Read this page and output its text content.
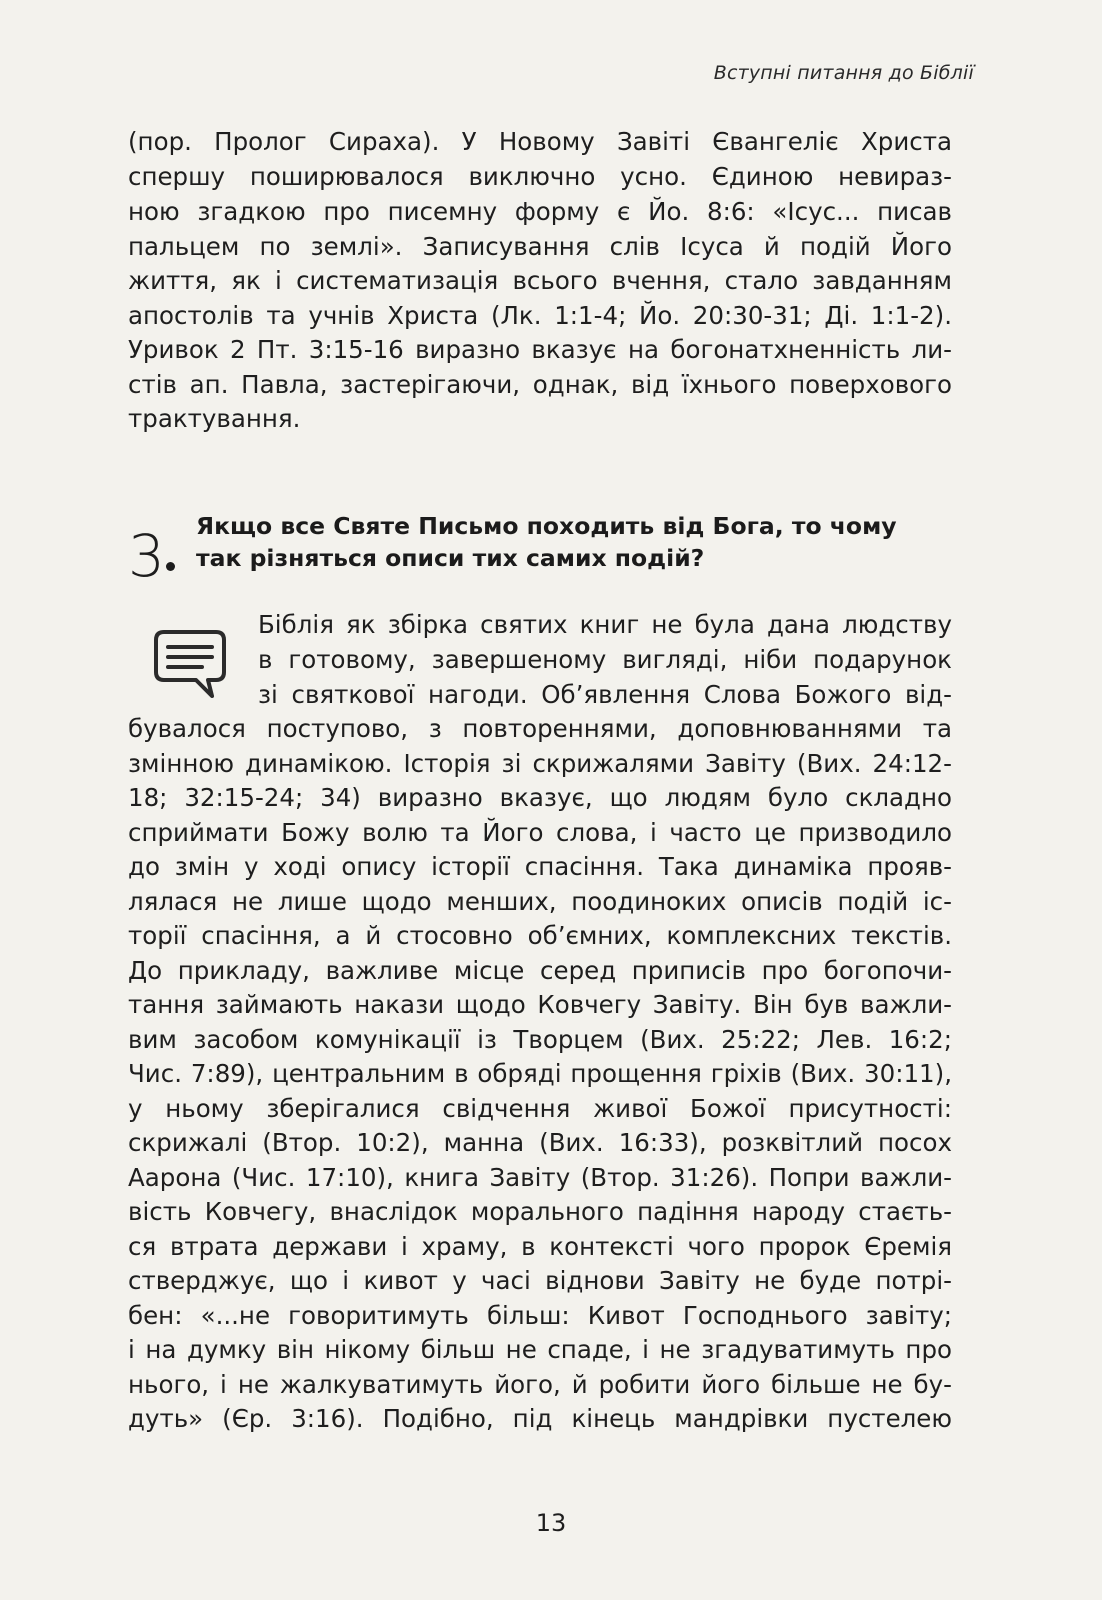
Вступні питання до Біблії
(пор. Пролог Сираха). У Новому Завіті Євангеліє Христа
спершу поширювалося виключно усно. Єдиною невираз-
ною згадкою про писемну форму є Йо. 8:6: «Ісус... писав
пальцем по землі». Записування слів Ісуса й подій Його
життя, як і систематизація всього вчення, стало завданням
апостолів та учнів Христа (Лк. 1:1-4; Йо. 20:30-31; Ді. 1:1-2).
Уривок 2 Пт. 3:15-16 виразно вказує на богонатхненність ли-
стів ап. Павла, застерігаючи, однак, від їхнього поверхового
трактування.
3 Якщо все Святе Письмо походить від Бога, то чому
так різняться описи тих самих подій?
Біблія як збірка святих книг не була дана людству
в готовому, завершеному вигляді, ніби подарунок
зі святкової нагоди. Об’явлення Слова Божого від-
бувалося поступово, з повтореннями, доповнюваннями та
змінною динамікою. Історія зі скрижалями Завіту (Вих. 24:12-
18; 32:15-24; 34) виразно вказує, що людям було складно
сприймати Божу волю та Його слова, і часто це призводило
до змін у ході опису історії спасіння. Така динаміка прояв-
лялася не лише щодо менших, поодиноких описів подій іс-
торії спасіння, а й стосовно об’ємних, комплексних текстів.
До прикладу, важливе місце серед приписів про богопочи-
тання займають накази щодо Ковчегу Завіту. Він був важли-
вим засобом комунікації із Творцем (Вих. 25:22; Лев. 16:2;
Чис. 7:89), центральним в обряді прощення гріхів (Вих. 30:11),
у ньому зберігалися свідчення живої Божої присутності:
скрижалі (Втор. 10:2), манна (Вих. 16:33), розквітлий посох
Аарона (Чис. 17:10), книга Завіту (Втор. 31:26). Попри важли-
вість Ковчегу, внаслідок морального падіння народу стаєть-
ся втрата держави і храму, в контексті чого пророк Єремія
стверджує, що і кивот у часі віднови Завіту не буде потрі-
бен: «...не говоритимуть більш: Кивот Господнього завіту;
і на думку він нікому більш не спаде, і не згадуватимуть про
нього, і не жалкуватимуть його, й робити його більше не бу-
дуть» (Єр. 3:16). Подібно, під кінець мандрівки пустелею
13
